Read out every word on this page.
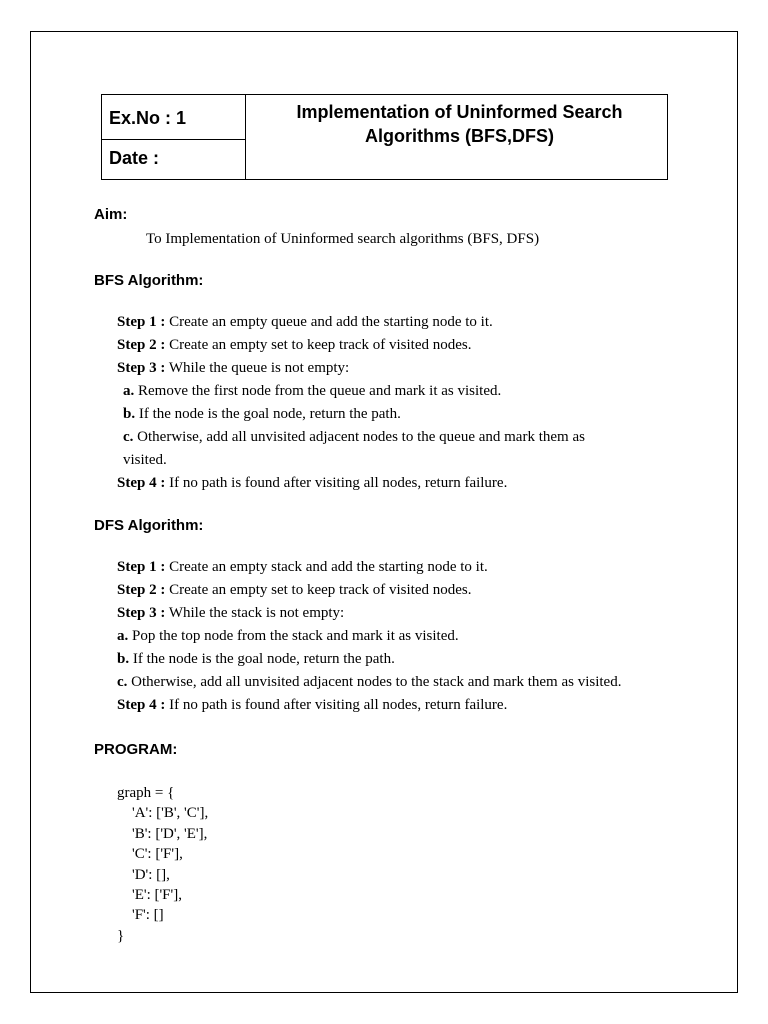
Ex.No : 1
Date :
Implementation of Uninformed Search
Algorithms (BFS,DFS)
Aim:
To Implementation of Uninformed search algorithms (BFS, DFS)
BFS Algorithm:
Step 1 : Create an empty queue and add the starting node to it.
Step 2 : Create an empty set to keep track of visited nodes.
Step 3 : While the queue is not empty:
a. Remove the first node from the queue and mark it as visited.
b. If the node is the goal node, return the path.
c. Otherwise, add all unvisited adjacent nodes to the queue and mark them as
visited.
Step 4 : If no path is found after visiting all nodes, return failure.
DFS Algorithm:
Step 1 : Create an empty stack and add the starting node to it.
Step 2 : Create an empty set to keep track of visited nodes.
Step 3 : While the stack is not empty:
a. Pop the top node from the stack and mark it as visited.
b. If the node is the goal node, return the path.
c. Otherwise, add all unvisited adjacent nodes to the stack and mark them as visited.
Step 4 : If no path is found after visiting all nodes, return failure.
PROGRAM:
graph = {
'A': ['B', 'C'],
'B': ['D', 'E'],
'C': ['F'],
'D': [],
'E': ['F'],
'F': []
}
